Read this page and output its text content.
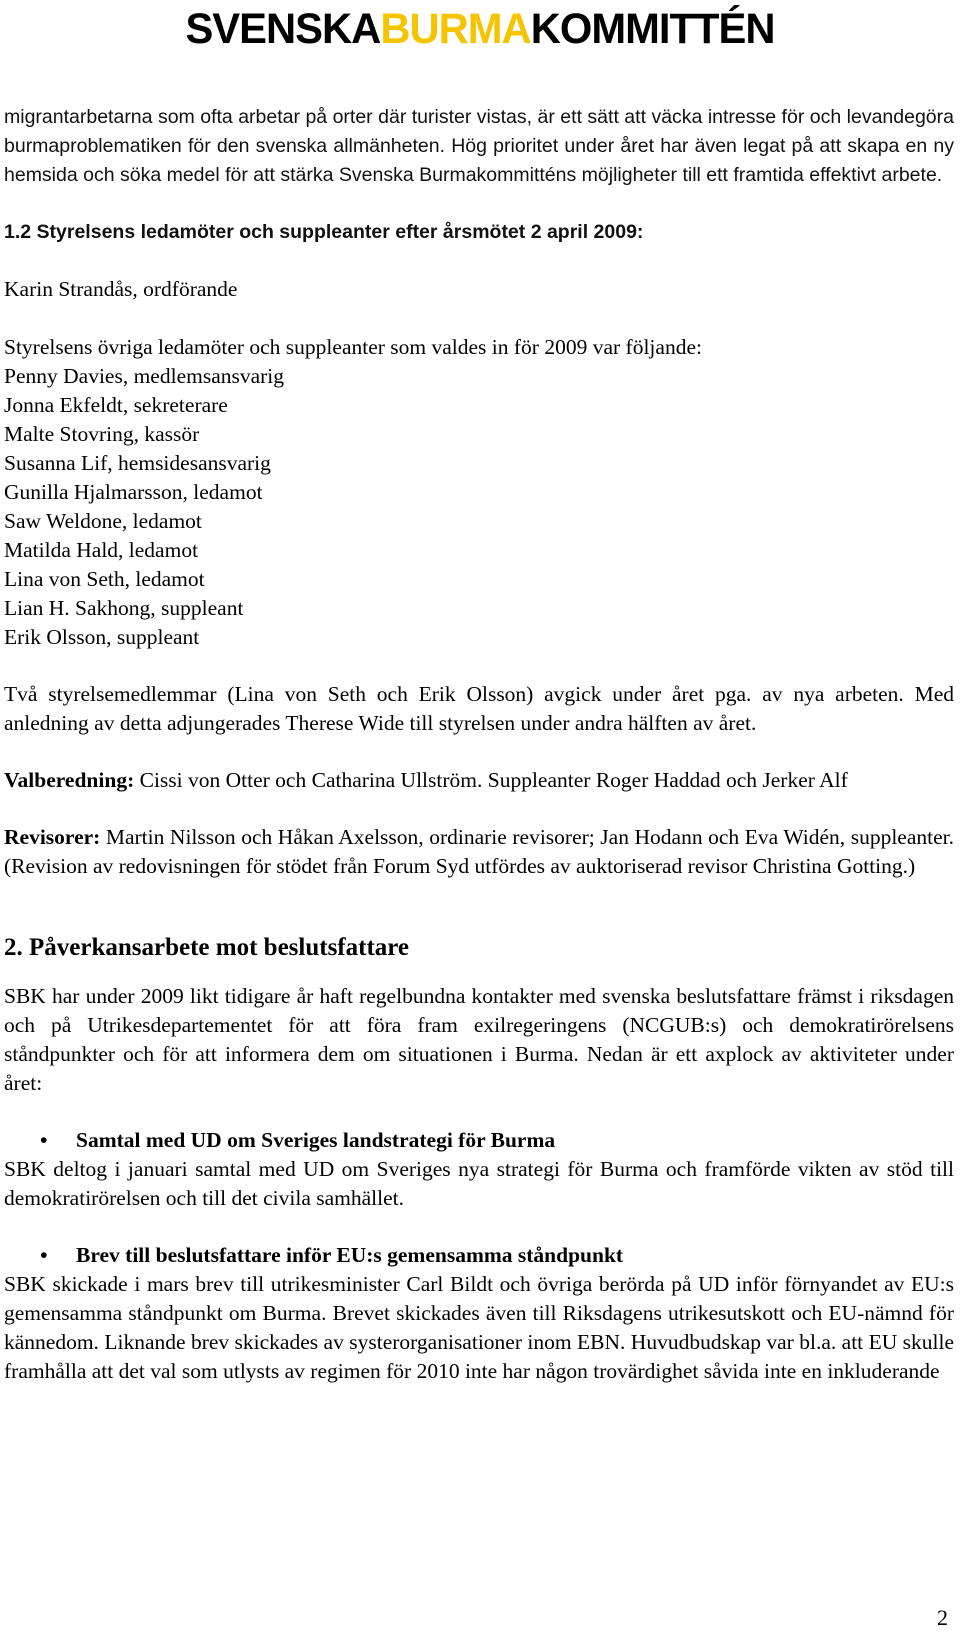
SVENSKABURMAKOMMITTÉN

migrantarbetarna som ofta arbetar på orter där turister vistas, är ett sätt att väcka intresse för och levandegöra burmaproblematiken för den svenska allmänheten. Hög prioritet under året har även legat på att skapa en ny hemsida och söka medel för att stärka Svenska Burmakommitténs möjligheter till ett framtida effektivt arbete.

1.2 Styrelsens ledamöter och suppleanter efter årsmötet 2 april 2009:

Karin Strandås, ordförande

Styrelsens övriga ledamöter och suppleanter som valdes in för 2009 var följande:

Penny Davies, medlemsansvarig

Jonna Ekfeldt, sekreterare

Malte Stovring, kassör

Susanna Lif, hemsidesansvarig

Gunilla Hjalmarsson, ledamot

Saw Weldone, ledamot

Matilda Hald, ledamot

Lina von Seth, ledamot

Lian H. Sakhong, suppleant

Erik Olsson, suppleant

Två styrelsemedlemmar (Lina von Seth och Erik Olsson) avgick under året pga. av nya arbeten. Med anledning av detta adjungerades Therese Wide till styrelsen under andra hälften av året.

Valberedning: Cissi von Otter och Catharina Ullström. Suppleanter Roger Haddad och Jerker Alf

Revisorer: Martin Nilsson och Håkan Axelsson, ordinarie revisorer; Jan Hodann och Eva Widén, suppleanter. (Revision av redovisningen för stödet från Forum Syd utfördes av auktoriserad revisor Christina Gotting.)

2. Påverkansarbete mot beslutsfattare

SBK har under 2009 likt tidigare år haft regelbundna kontakter med svenska beslutsfattare främst i riksdagen och på Utrikesdepartementet för att föra fram exilregeringens (NCGUB:s) och demokratirörelsens ståndpunkter och för att informera dem om situationen i Burma. Nedan är ett axplock av aktiviteter under året:

• Samtal med UD om Sveriges landstrategi för Burma

SBK deltog i januari samtal med UD om Sveriges nya strategi för Burma och framförde vikten av stöd till demokratirörelsen och till det civila samhället.

• Brev till beslutsfattare inför EU:s gemensamma ståndpunkt

SBK skickade i mars brev till utrikesminister Carl Bildt och övriga berörda på UD inför förnyandet av EU:s gemensamma ståndpunkt om Burma. Brevet skickades även till Riksdagens utrikesutskott och EU-nämnd för kännedom. Liknande brev skickades av systerorganisationer inom EBN. Huvudbudskap var bl.a. att EU skulle framhålla att det val som utlysts av regimen för 2010 inte har någon trovärdighet såvida inte en inkluderande

2
